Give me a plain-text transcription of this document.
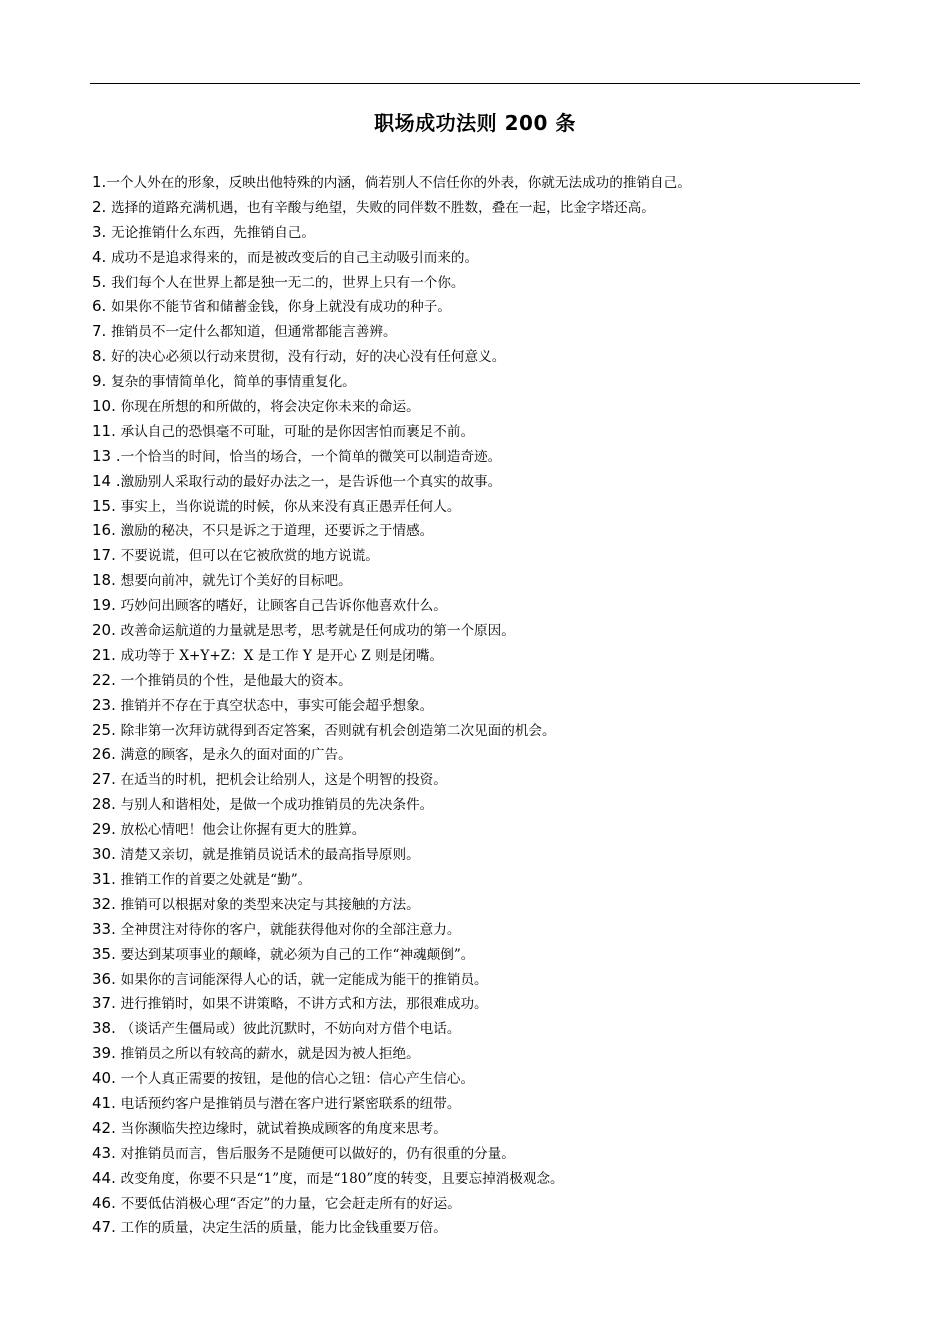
职场成功法则 200 条
1.一个人外在的形象，反映出他特殊的内涵，倘若别人不信任你的外表，你就无法成功的推销自己。
2. 选择的道路充满机遇，也有辛酸与绝望，失败的同伴数不胜数，叠在一起，比金字塔还高。
3. 无论推销什么东西，先推销自己。
4. 成功不是追求得来的，而是被改变后的自己主动吸引而来的。
5. 我们每个人在世界上都是独一无二的，世界上只有一个你。
6. 如果你不能节省和储蓄金钱，你身上就没有成功的种子。
7. 推销员不一定什么都知道，但通常都能言善辨。
8. 好的决心必须以行动来贯彻，没有行动，好的决心没有任何意义。
9. 复杂的事情简单化，简单的事情重复化。
10. 你现在所想的和所做的，将会决定你未来的命运。
11. 承认自己的恐惧毫不可耻，可耻的是你因害怕而裹足不前。
13 .一个恰当的时间，恰当的场合，一个简单的微笑可以制造奇迹。
14 .激励别人采取行动的最好办法之一，是告诉他一个真实的故事。
15. 事实上，当你说谎的时候，你从来没有真正愚弄任何人。
16. 激励的秘决，不只是诉之于道理，还要诉之于情感。
17. 不要说谎，但可以在它被欣赏的地方说谎。
18. 想要向前冲，就先订个美好的目标吧。
19. 巧妙问出顾客的嗜好，让顾客自己告诉你他喜欢什么。
20. 改善命运航道的力量就是思考，思考就是任何成功的第一个原因。
21. 成功等于 X+Y+Z：X 是工作 Y 是开心 Z 则是闭嘴。
22. 一个推销员的个性，是他最大的资本。
23. 推销并不存在于真空状态中，事实可能会超乎想象。
25. 除非第一次拜访就得到否定答案，否则就有机会创造第二次见面的机会。
26. 满意的顾客，是永久的面对面的广告。
27. 在适当的时机，把机会让给别人，这是个明智的投资。
28. 与别人和谐相处，是做一个成功推销员的先决条件。
29. 放松心情吧！他会让你握有更大的胜算。
30. 清楚又亲切，就是推销员说话术的最高指导原则。
31. 推销工作的首要之处就是“勤”。
32. 推销可以根据对象的类型来决定与其接触的方法。
33. 全神贯注对待你的客户，就能获得他对你的全部注意力。
35. 要达到某项事业的颠峰，就必须为自己的工作“神魂颠倒”。
36. 如果你的言词能深得人心的话，就一定能成为能干的推销员。
37. 进行推销时，如果不讲策略，不讲方式和方法，那很难成功。
38. （谈话产生僵局或）彼此沉默时，不妨向对方借个电话。
39. 推销员之所以有较高的薪水，就是因为被人拒绝。
40. 一个人真正需要的按钮，是他的信心之钮：信心产生信心。
41. 电话预约客户是推销员与潜在客户进行紧密联系的纽带。
42. 当你濒临失控边缘时，就试着换成顾客的角度来思考。
43. 对推销员而言，售后服务不是随便可以做好的，仍有很重的分量。
44. 改变角度，你要不只是“1”度，而是“180”度的转变，且要忘掉消极观念。
46. 不要低估消极心理“否定”的力量，它会赶走所有的好运。
47. 工作的质量，决定生活的质量，能力比金钱重要万倍。
